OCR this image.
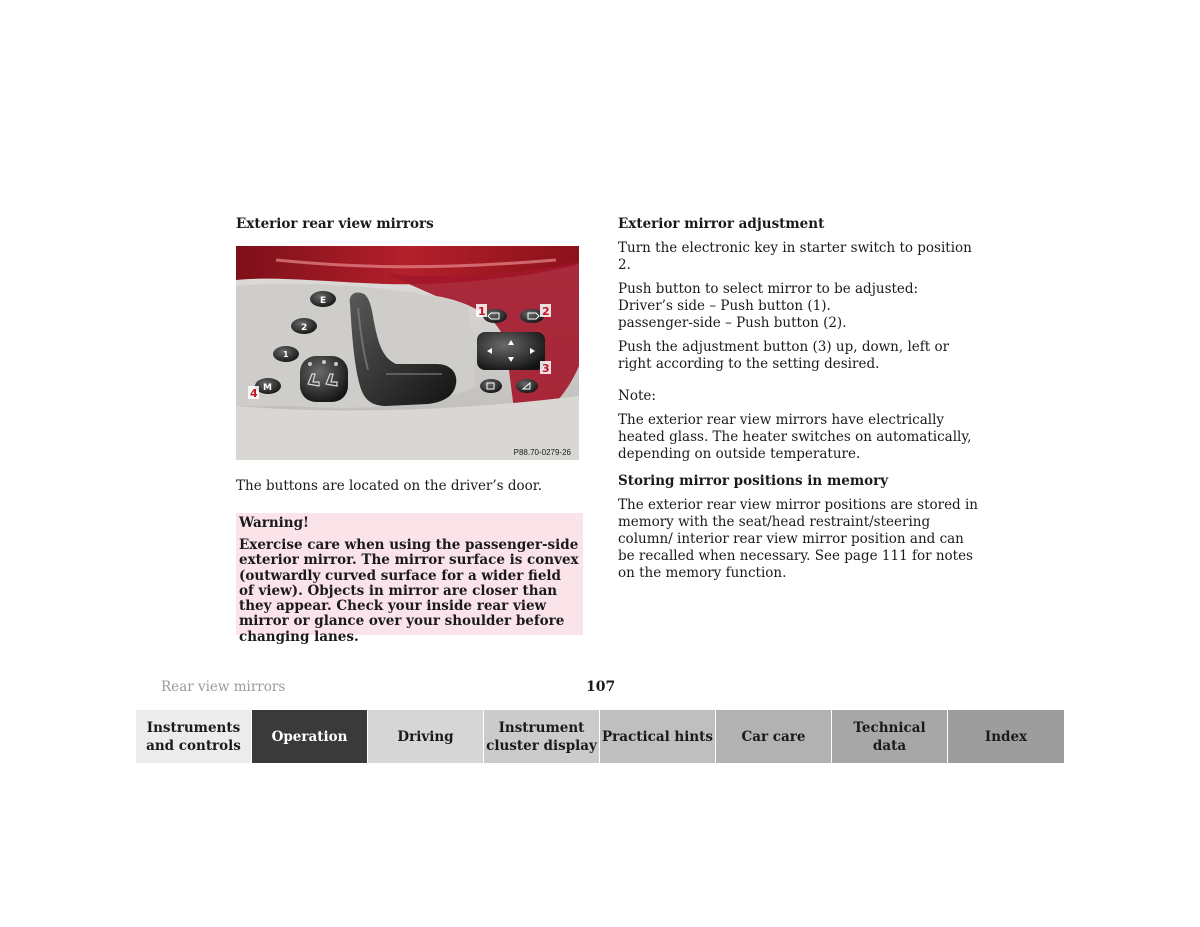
Exterior rear view mirrors
E
2
1
M
1	2
3
4
P88.70-0279-26
The buttons are located on the driver’s door.
Warning!
Exercise care when using the passenger-side exterior mirror. The mirror surface is convex (outwardly curved surface for a wider field of view). Objects in mirror are closer than they appear. Check your inside rear view mirror or glance over your shoulder before changing lanes.
Exterior mirror adjustment

Turn the electronic key in starter switch to position 2.

Push button to select mirror to be adjusted:
Driver’s side – Push button (1).
passenger-side – Push button (2).

Push the adjustment button (3) up, down, left or right according to the setting desired.

Note:

The exterior rear view mirrors have electrically heated glass. The heater switches on automatically, depending on outside temperature.

Storing mirror positions in memory

The exterior rear view mirror positions are stored in memory with the seat/head restraint/steering column/ interior rear view mirror position and can be recalled when necessary. See page 111 for notes on the memory function.

Rear view mirrors	107
Instruments
and controls
Operation	Driving
Instrument
cluster display
Practical hints	Car care
Technical
data
Index
